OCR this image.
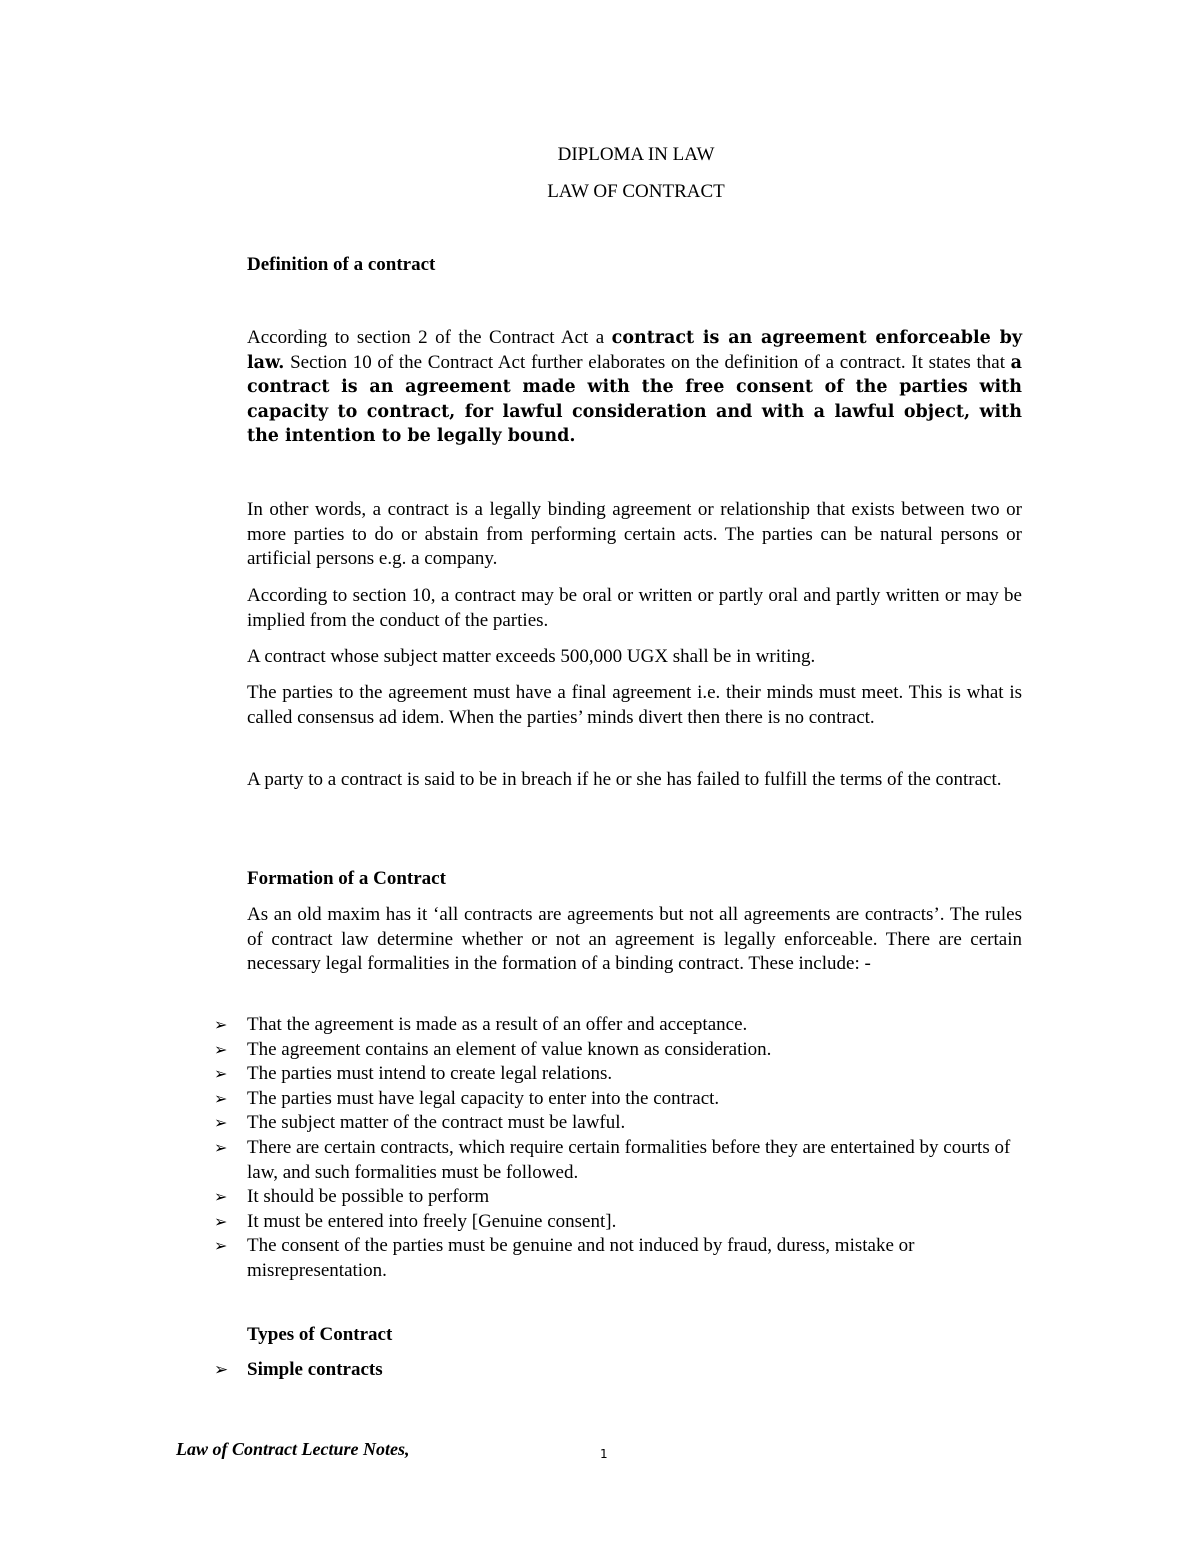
DIPLOMA IN LAW
LAW OF CONTRACT
Definition of a contract

According to section 2 of the Contract Act a contract is an agreement enforceable by law. Section 10 of the Contract Act further elaborates on the definition of a contract. It states that a contract is an agreement made with the free consent of the parties with capacity to contract, for lawful consideration and with a lawful object, with the intention to be legally bound.

In other words, a contract is a legally binding agreement or relationship that exists between two or more parties to do or abstain from performing certain acts. The parties can be natural persons or artificial persons e.g. a company.

According to section 10, a contract may be oral or written or partly oral and partly written or may be implied from the conduct of the parties.

A contract whose subject matter exceeds 500,000 UGX shall be in writing.

The parties to the agreement must have a final agreement i.e. their minds must meet. This is what is called consensus ad idem. When the parties’ minds divert then there is no contract.

A party to a contract is said to be in breach if he or she has failed to fulfill the terms of the contract.

Formation of a Contract

As an old maxim has it ‘all contracts are agreements but not all agreements are contracts’. The rules of contract law determine whether or not an agreement is legally enforceable. There are certain necessary legal formalities in the formation of a binding contract. These include: -

➢ That the agreement is made as a result of an offer and acceptance.
➢ The agreement contains an element of value known as consideration.
➢ The parties must intend to create legal relations.
➢ The parties must have legal capacity to enter into the contract.
➢ The subject matter of the contract must be lawful.
➢ There are certain contracts, which require certain formalities before they are entertained by courts of law, and such formalities must be followed.
➢ It should be possible to perform
➢ It must be entered into freely [Genuine consent].
➢ The consent of the parties must be genuine and not induced by fraud, duress, mistake or misrepresentation.
Types of Contract
➢ Simple contracts
Law of Contract Lecture Notes,	1
